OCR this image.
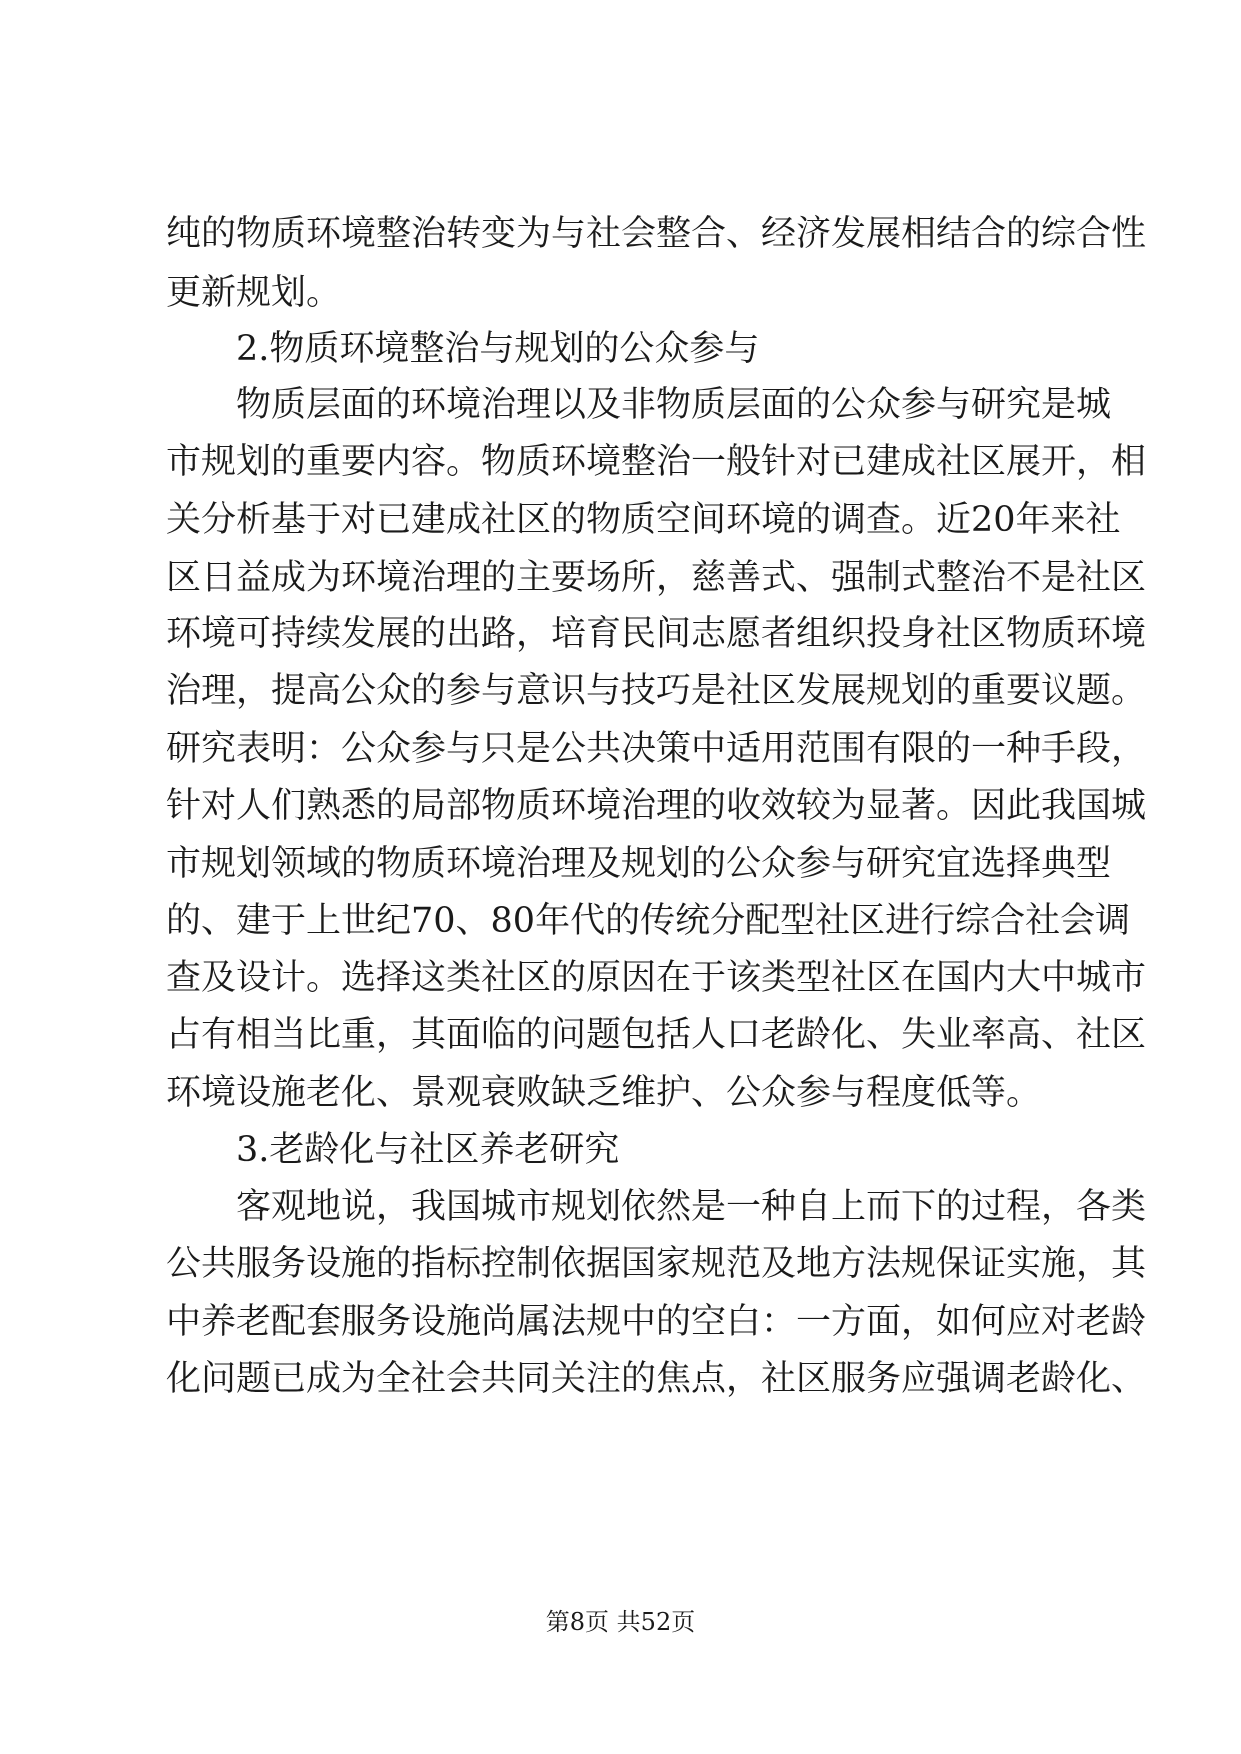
纯的物质环境整治转变为与社会整合、经济发展相结合的综合性
更新规划。
2.物质环境整治与规划的公众参与
物质层面的环境治理以及非物质层面的公众参与研究是城
市规划的重要内容。物质环境整治一般针对已建成社区展开，相
关分析基于对已建成社区的物质空间环境的调查。近20年来社
区日益成为环境治理的主要场所，慈善式、强制式整治不是社区
环境可持续发展的出路，培育民间志愿者组织投身社区物质环境
治理，提高公众的参与意识与技巧是社区发展规划的重要议题。
研究表明：公众参与只是公共决策中适用范围有限的一种手段，
针对人们熟悉的局部物质环境治理的收效较为显著。因此我国城
市规划领域的物质环境治理及规划的公众参与研究宜选择典型
的、建于上世纪70、80年代的传统分配型社区进行综合社会调
查及设计。选择这类社区的原因在于该类型社区在国内大中城市
占有相当比重，其面临的问题包括人口老龄化、失业率高、社区
环境设施老化、景观衰败缺乏维护、公众参与程度低等。
3.老龄化与社区养老研究
客观地说，我国城市规划依然是一种自上而下的过程，各类
公共服务设施的指标控制依据国家规范及地方法规保证实施，其
中养老配套服务设施尚属法规中的空白：一方面，如何应对老龄
化问题已成为全社会共同关注的焦点，社区服务应强调老龄化、
第8页 共52页
